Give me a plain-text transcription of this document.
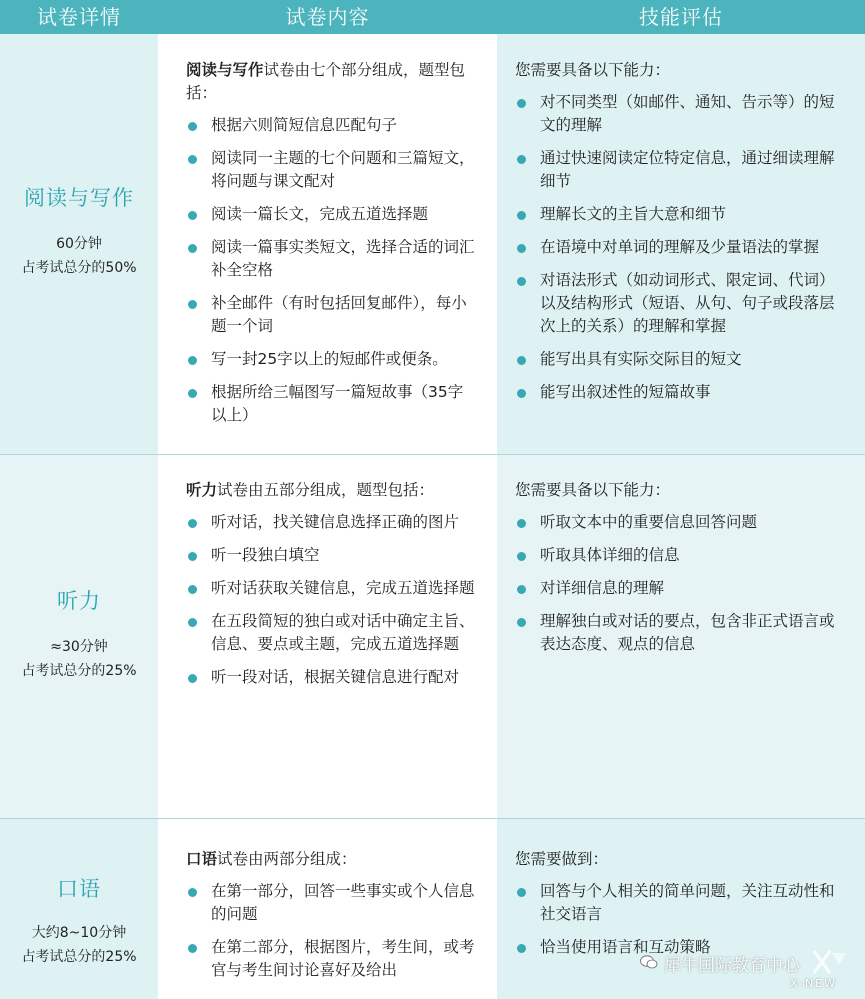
试卷详情	试卷内容	技能评估
阅读与写作
60分钟
占考试总分的50%
阅读与写作试卷由七个部分组成，题型包括：
根据六则简短信息匹配句子
阅读同一主题的七个问题和三篇短文，将问题与课文配对
阅读一篇长文，完成五道选择题
阅读一篇事实类短文，选择合适的词汇补全空格
补全邮件（有时包括回复邮件），每小题一个词
写一封25字以上的短邮件或便条。
根据所给三幅图写一篇短故事（35字以上）
您需要具备以下能力：
对不同类型（如邮件、通知、告示等）的短文的理解
通过快速阅读定位特定信息，通过细读理解细节
理解长文的主旨大意和细节
在语境中对单词的理解及少量语法的掌握
对语法形式（如动词形式、限定词、代词）以及结构形式（短语、从句、句子或段落层次上的关系）的理解和掌握
能写出具有实际交际目的短文
能写出叙述性的短篇故事
听力
≈30分钟
占考试总分的25%
听力试卷由五部分组成，题型包括：
听对话，找关键信息选择正确的图片
听一段独白填空
听对话获取关键信息，完成五道选择题
在五段简短的独白或对话中确定主旨、信息、要点或主题，完成五道选择题
听一段对话，根据关键信息进行配对
您需要具备以下能力：
听取文本中的重要信息回答问题
听取具体详细的信息
对详细信息的理解
理解独白或对话的要点，包含非正式语言或表达态度、观点的信息
口语
大约8~10分钟
占考试总分的25%
口语试卷由两部分组成：
在第一部分，回答一些事实或个人信息的问题
在第二部分，根据图片，考生间，或考官与考生间讨论喜好及给出
您需要做到：
回答与个人相关的简单问题，关注互动性和社交语言
恰当使用语言和互动策略
犀牛国际教育中心
X-NEW
